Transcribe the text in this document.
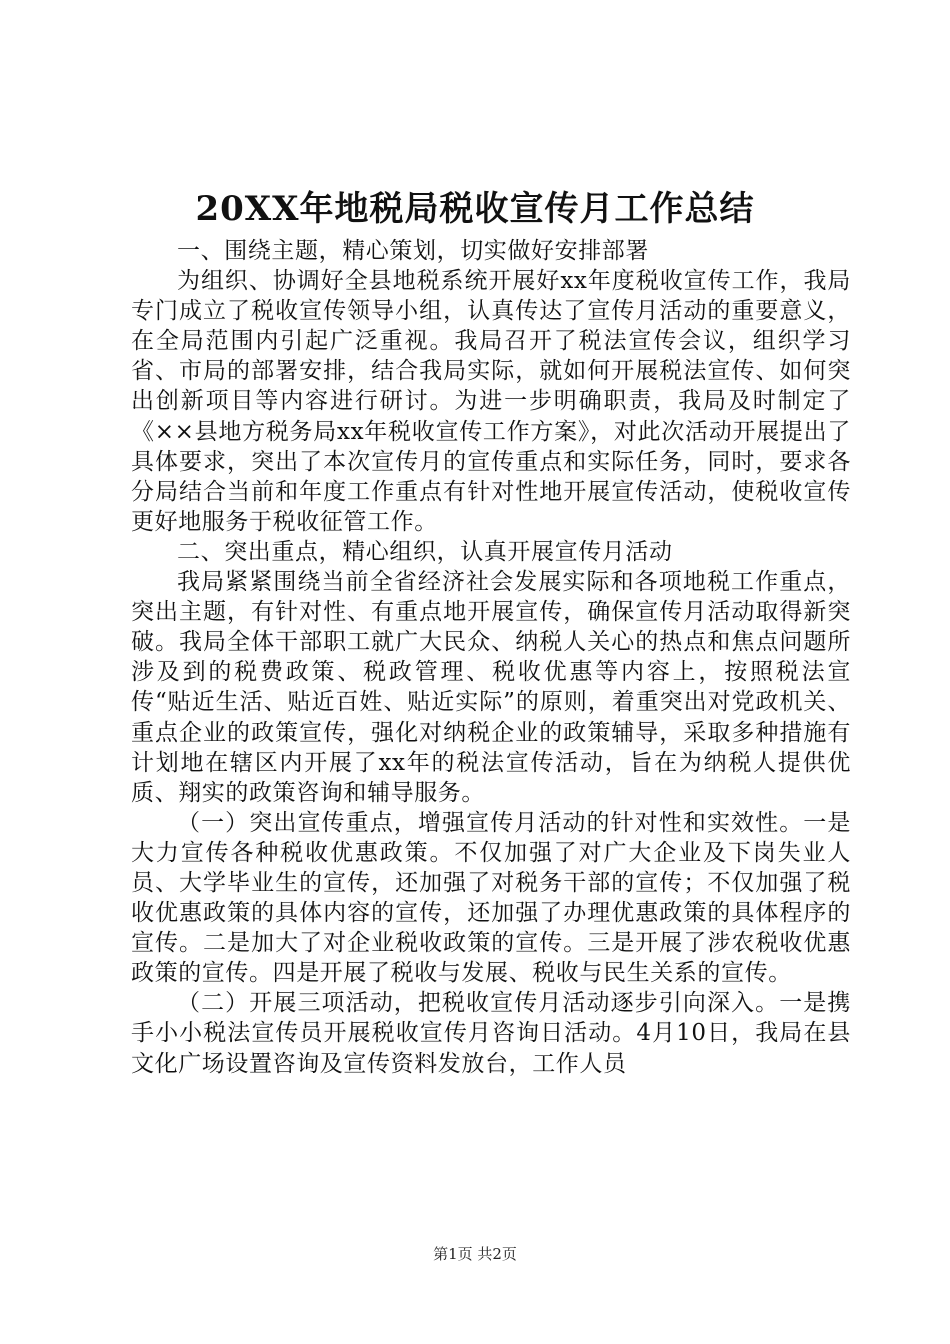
20XX年地税局税收宣传月工作总结

一、围绕主题，精心策划，切实做好安排部署

为组织、协调好全县地税系统开展好xx年度税收宣传工作，我局专门成立了税收宣传领导小组，认真传达了宣传月活动的重要意义，在全局范围内引起广泛重视。我局召开了税法宣传会议，组织学习省、市局的部署安排，结合我局实际，就如何开展税法宣传、如何突出创新项目等内容进行研讨。为进一步明确职责，我局及时制定了《××县地方税务局xx年税收宣传工作方案》，对此次活动开展提出了具体要求，突出了本次宣传月的宣传重点和实际任务，同时，要求各分局结合当前和年度工作重点有针对性地开展宣传活动，使税收宣传更好地服务于税收征管工作。

二、突出重点，精心组织，认真开展宣传月活动

我局紧紧围绕当前全省经济社会发展实际和各项地税工作重点，突出主题，有针对性、有重点地开展宣传，确保宣传月活动取得新突破。我局全体干部职工就广大民众、纳税人关心的热点和焦点问题所涉及到的税费政策、税政管理、税收优惠等内容上，按照税法宣传“贴近生活、贴近百姓、贴近实际”的原则，着重突出对党政机关、重点企业的政策宣传，强化对纳税企业的政策辅导，采取多种措施有计划地在辖区内开展了xx年的税法宣传活动，旨在为纳税人提供优质、翔实的政策咨询和辅导服务。

（一）突出宣传重点，增强宣传月活动的针对性和实效性。一是大力宣传各种税收优惠政策。不仅加强了对广大企业及下岗失业人员、大学毕业生的宣传，还加强了对税务干部的宣传；不仅加强了税收优惠政策的具体内容的宣传，还加强了办理优惠政策的具体程序的宣传。二是加大了对企业税收政策的宣传。三是开展了涉农税收优惠政策的宣传。四是开展了税收与发展、税收与民生关系的宣传。

（二）开展三项活动，把税收宣传月活动逐步引向深入。一是携手小小税法宣传员开展税收宣传月咨询日活动。4月10日，我局在县文化广场设置咨询及宣传资料发放台，工作人员

第1页 共2页
